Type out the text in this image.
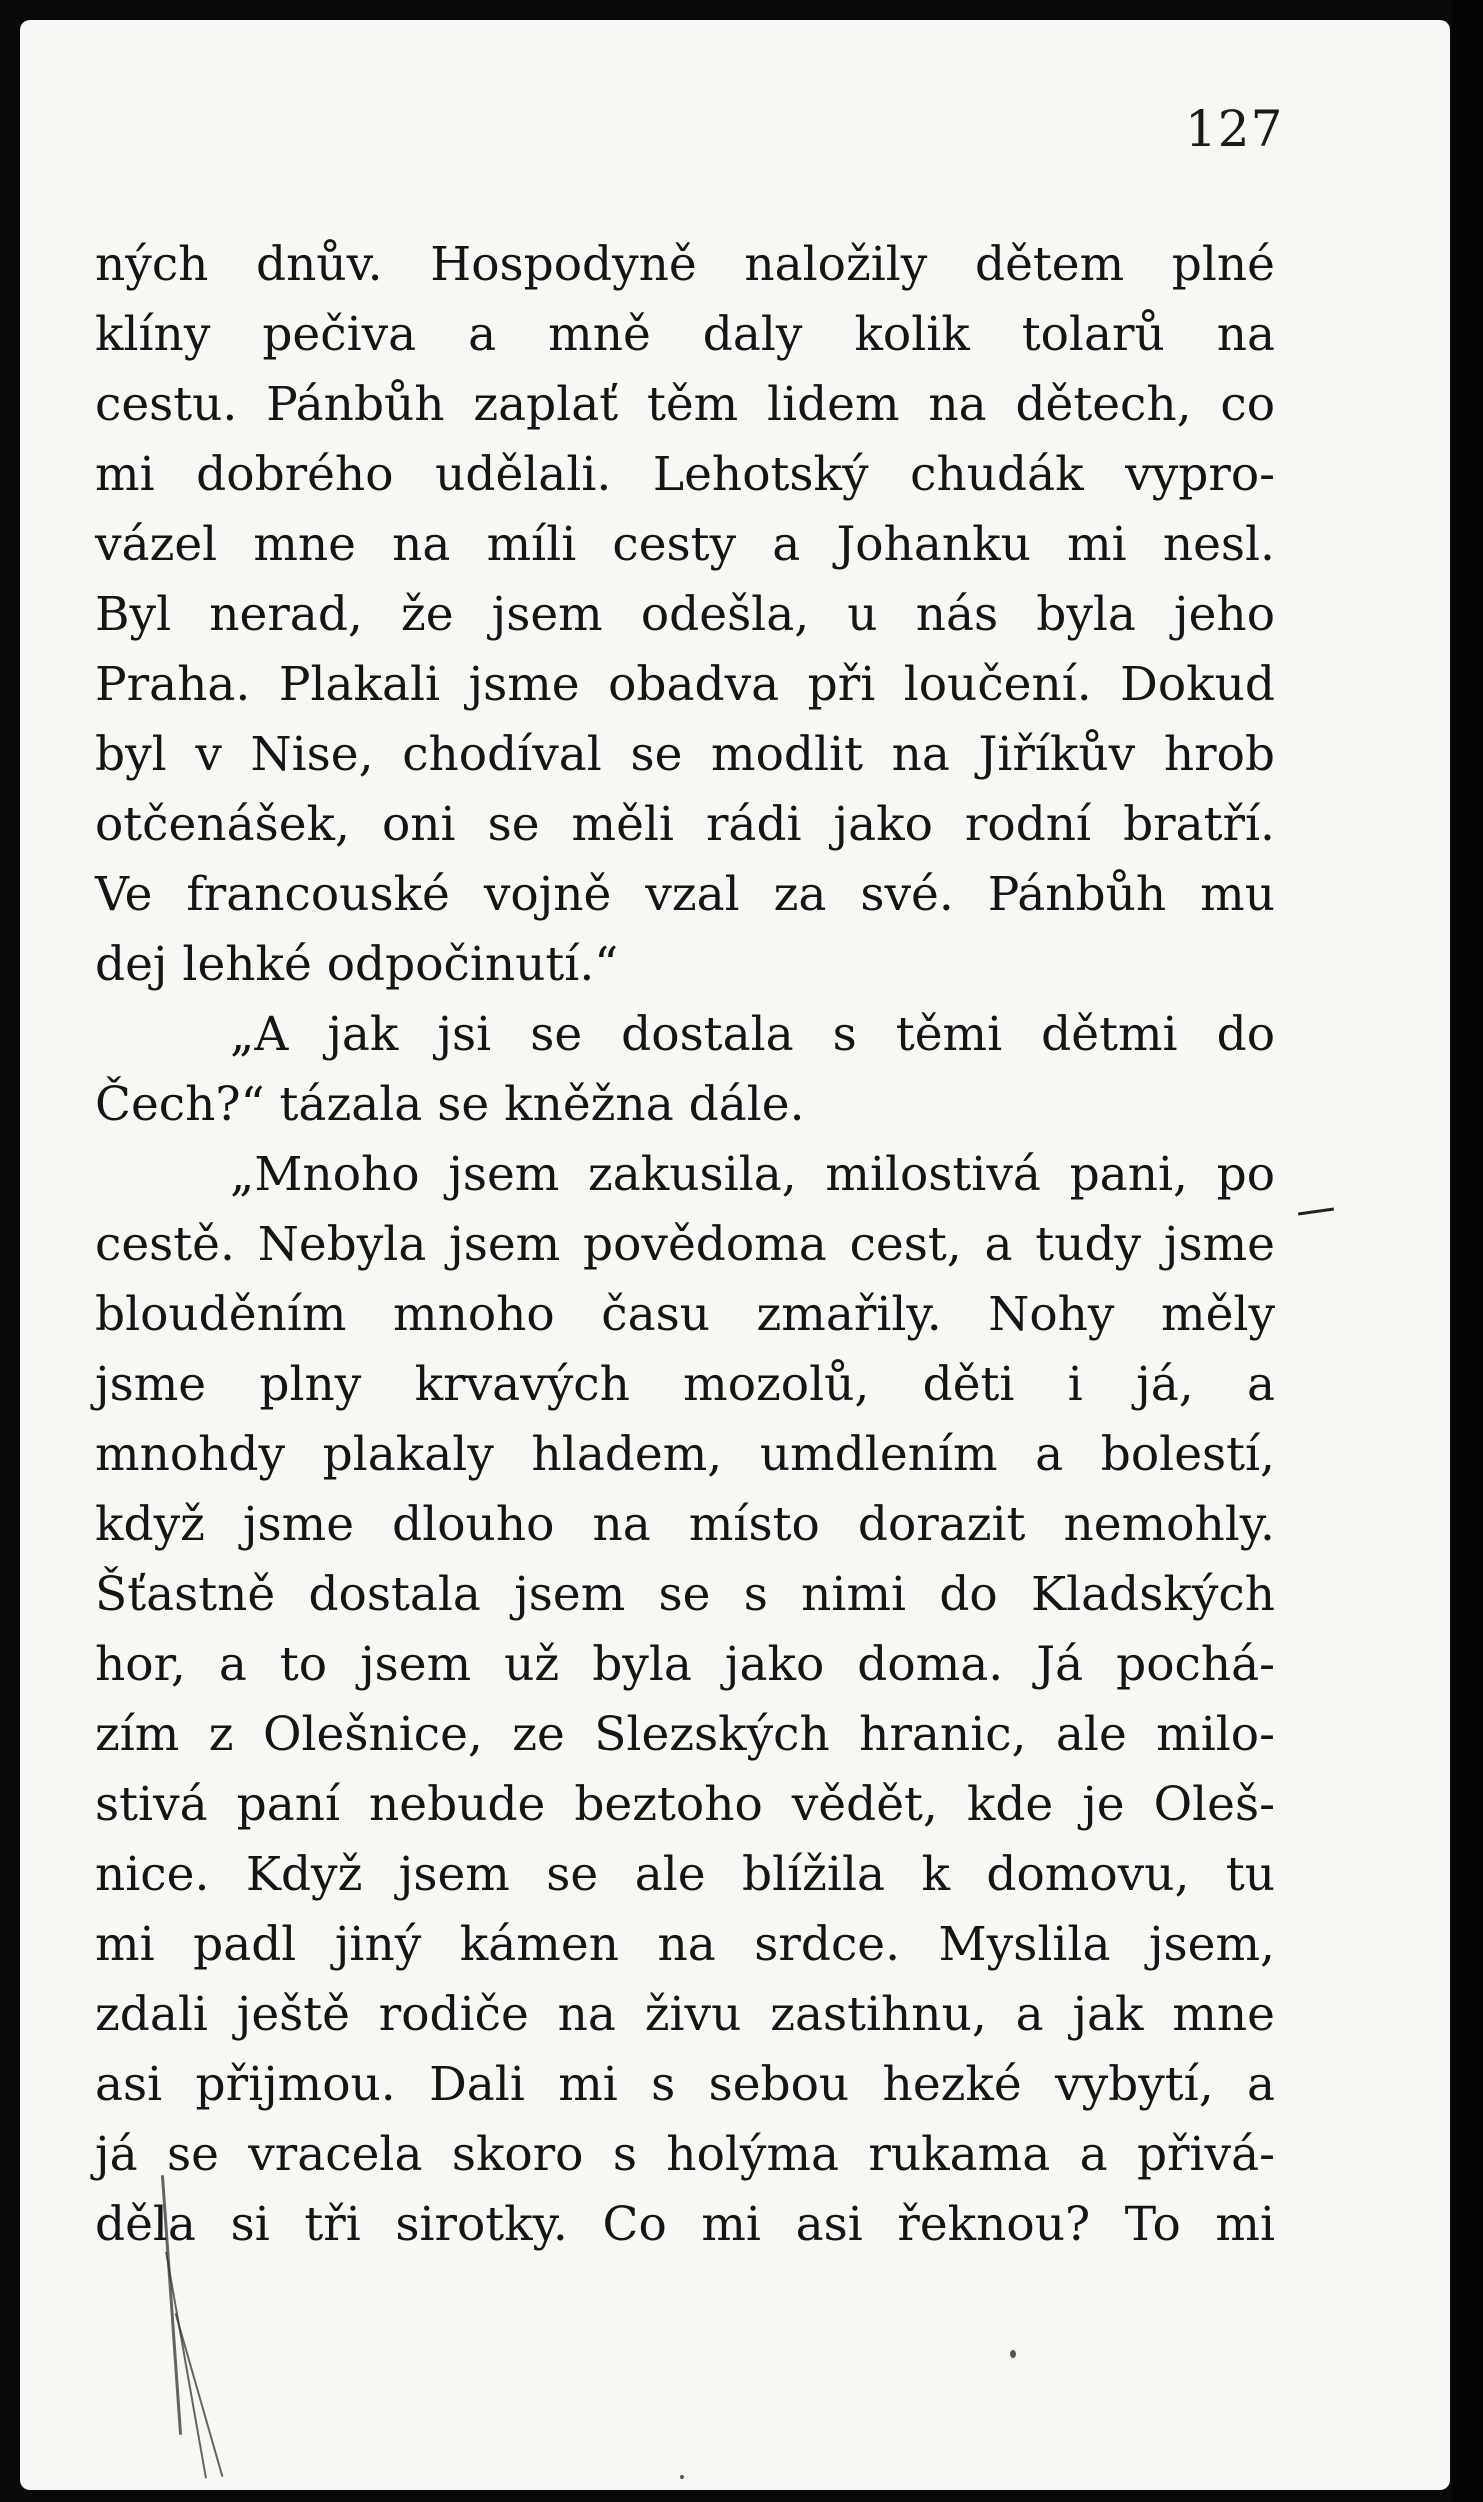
127
ných dnův. Hospodyně naložily dětem plné
klíny pečiva a mně daly kolik tolarů na
cestu. Pánbůh zaplať těm lidem na dětech, co
mi dobrého udělali. Lehotský chudák vypro-
vázel mne na míli cesty a Johanku mi nesl.
Byl nerad, že jsem odešla, u nás byla jeho
Praha. Plakali jsme obadva při loučení. Dokud
byl v Nise, chodíval se modlit na Jiříkův hrob
otčenášek, oni se měli rádi jako rodní bratří.
Ve francouské vojně vzal za své. Pánbůh mu
dej lehké odpočinutí.“
„A jak jsi se dostala s těmi dětmi do
Čech?“ tázala se kněžna dále.
„Mnoho jsem zakusila, milostivá pani, po
cestě. Nebyla jsem povědoma cest, a tudy jsme
blouděním mnoho času zmařily. Nohy měly
jsme plny krvavých mozolů, děti i já, a
mnohdy plakaly hladem, umdlením a bolestí,
když jsme dlouho na místo dorazit nemohly.
Šťastně dostala jsem se s nimi do Kladských
hor, a to jsem už byla jako doma. Já pochá-
zím z Olešnice, ze Slezských hranic, ale milo-
stivá paní nebude beztoho vědět, kde je Oleš-
nice. Když jsem se ale blížila k domovu, tu
mi padl jiný kámen na srdce. Myslila jsem,
zdali ještě rodiče na živu zastihnu, a jak mne
asi přijmou. Dali mi s sebou hezké vybytí, a
já se vracela skoro s holýma rukama a přivá-
děla si tři sirotky. Co mi asi řeknou? To mi
